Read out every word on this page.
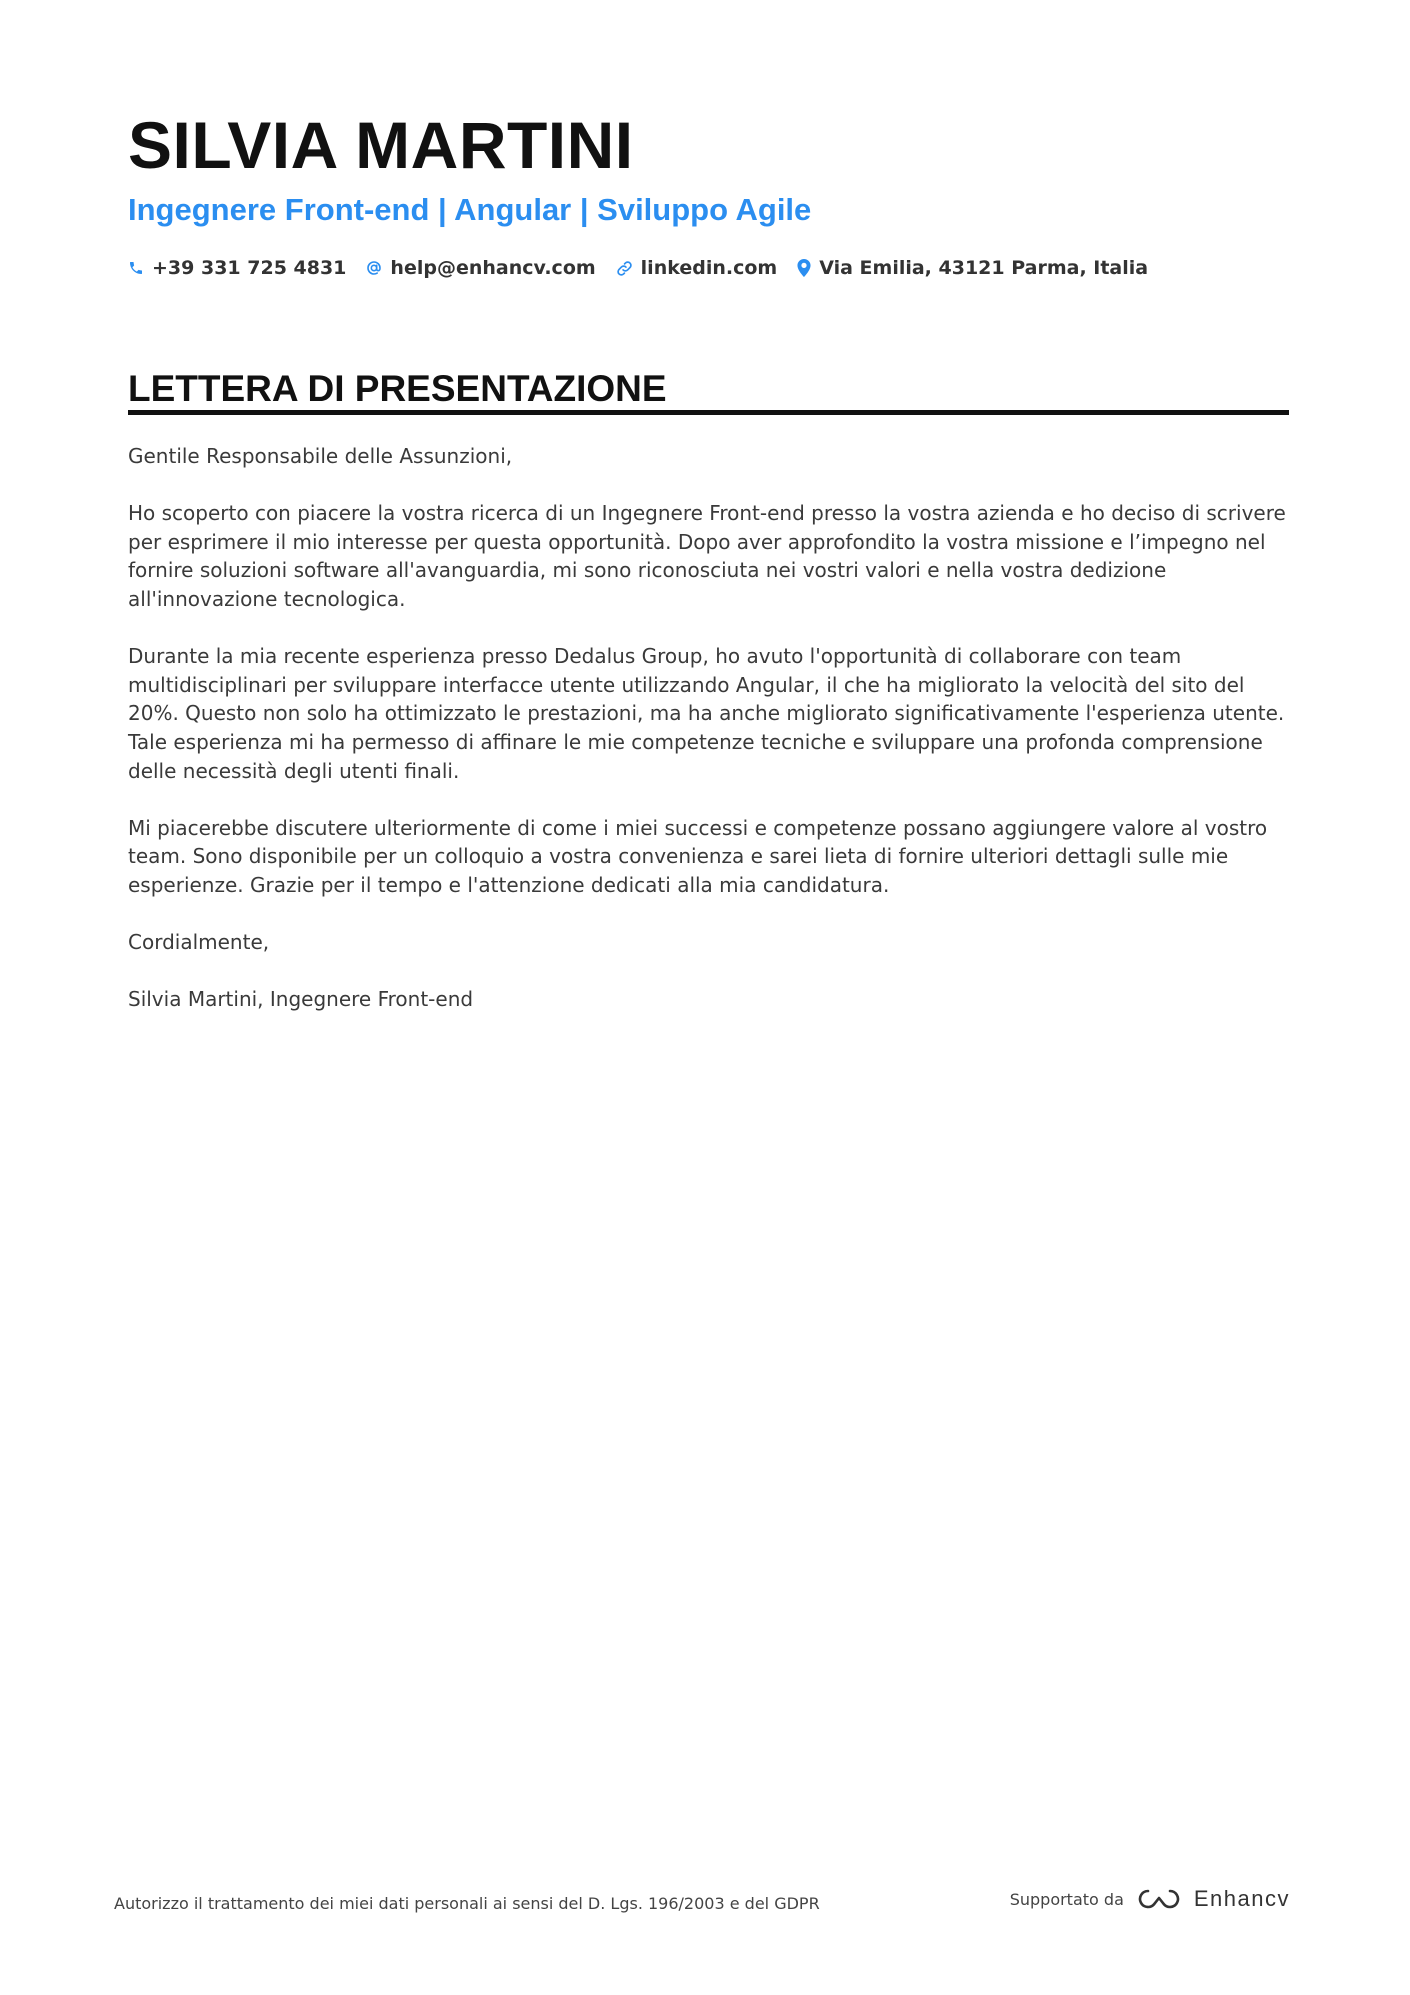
SILVIA MARTINI
Ingegnere Front-end | Angular | Sviluppo Agile
+39 331 725 4831 help@enhancv.com linkedin.com Via Emilia, 43121 Parma, Italia
LETTERA DI PRESENTAZIONE

Gentile Responsabile delle Assunzioni,

Ho scoperto con piacere la vostra ricerca di un Ingegnere Front-end presso la vostra azienda e ho deciso di scrivere per esprimere il mio interesse per questa opportunità. Dopo aver approfondito la vostra missione e l’impegno nel fornire soluzioni software all'avanguardia, mi sono riconosciuta nei vostri valori e nella vostra dedizione all'innovazione tecnologica.

Durante la mia recente esperienza presso Dedalus Group, ho avuto l'opportunità di collaborare con team multidisciplinari per sviluppare interfacce utente utilizzando Angular, il che ha migliorato la velocità del sito del 20%. Questo non solo ha ottimizzato le prestazioni, ma ha anche migliorato significativamente l'esperienza utente. Tale esperienza mi ha permesso di affinare le mie competenze tecniche e sviluppare una profonda comprensione delle necessità degli utenti finali.

Mi piacerebbe discutere ulteriormente di come i miei successi e competenze possano aggiungere valore al vostro team. Sono disponibile per un colloquio a vostra convenienza e sarei lieta di fornire ulteriori dettagli sulle mie esperienze. Grazie per il tempo e l'attenzione dedicati alla mia candidatura.

Cordialmente,

Silvia Martini, Ingegnere Front-end

Autorizzo il trattamento dei miei dati personali ai sensi del D. Lgs. 196/2003 e del GDPR	Supportato da	Enhancv
